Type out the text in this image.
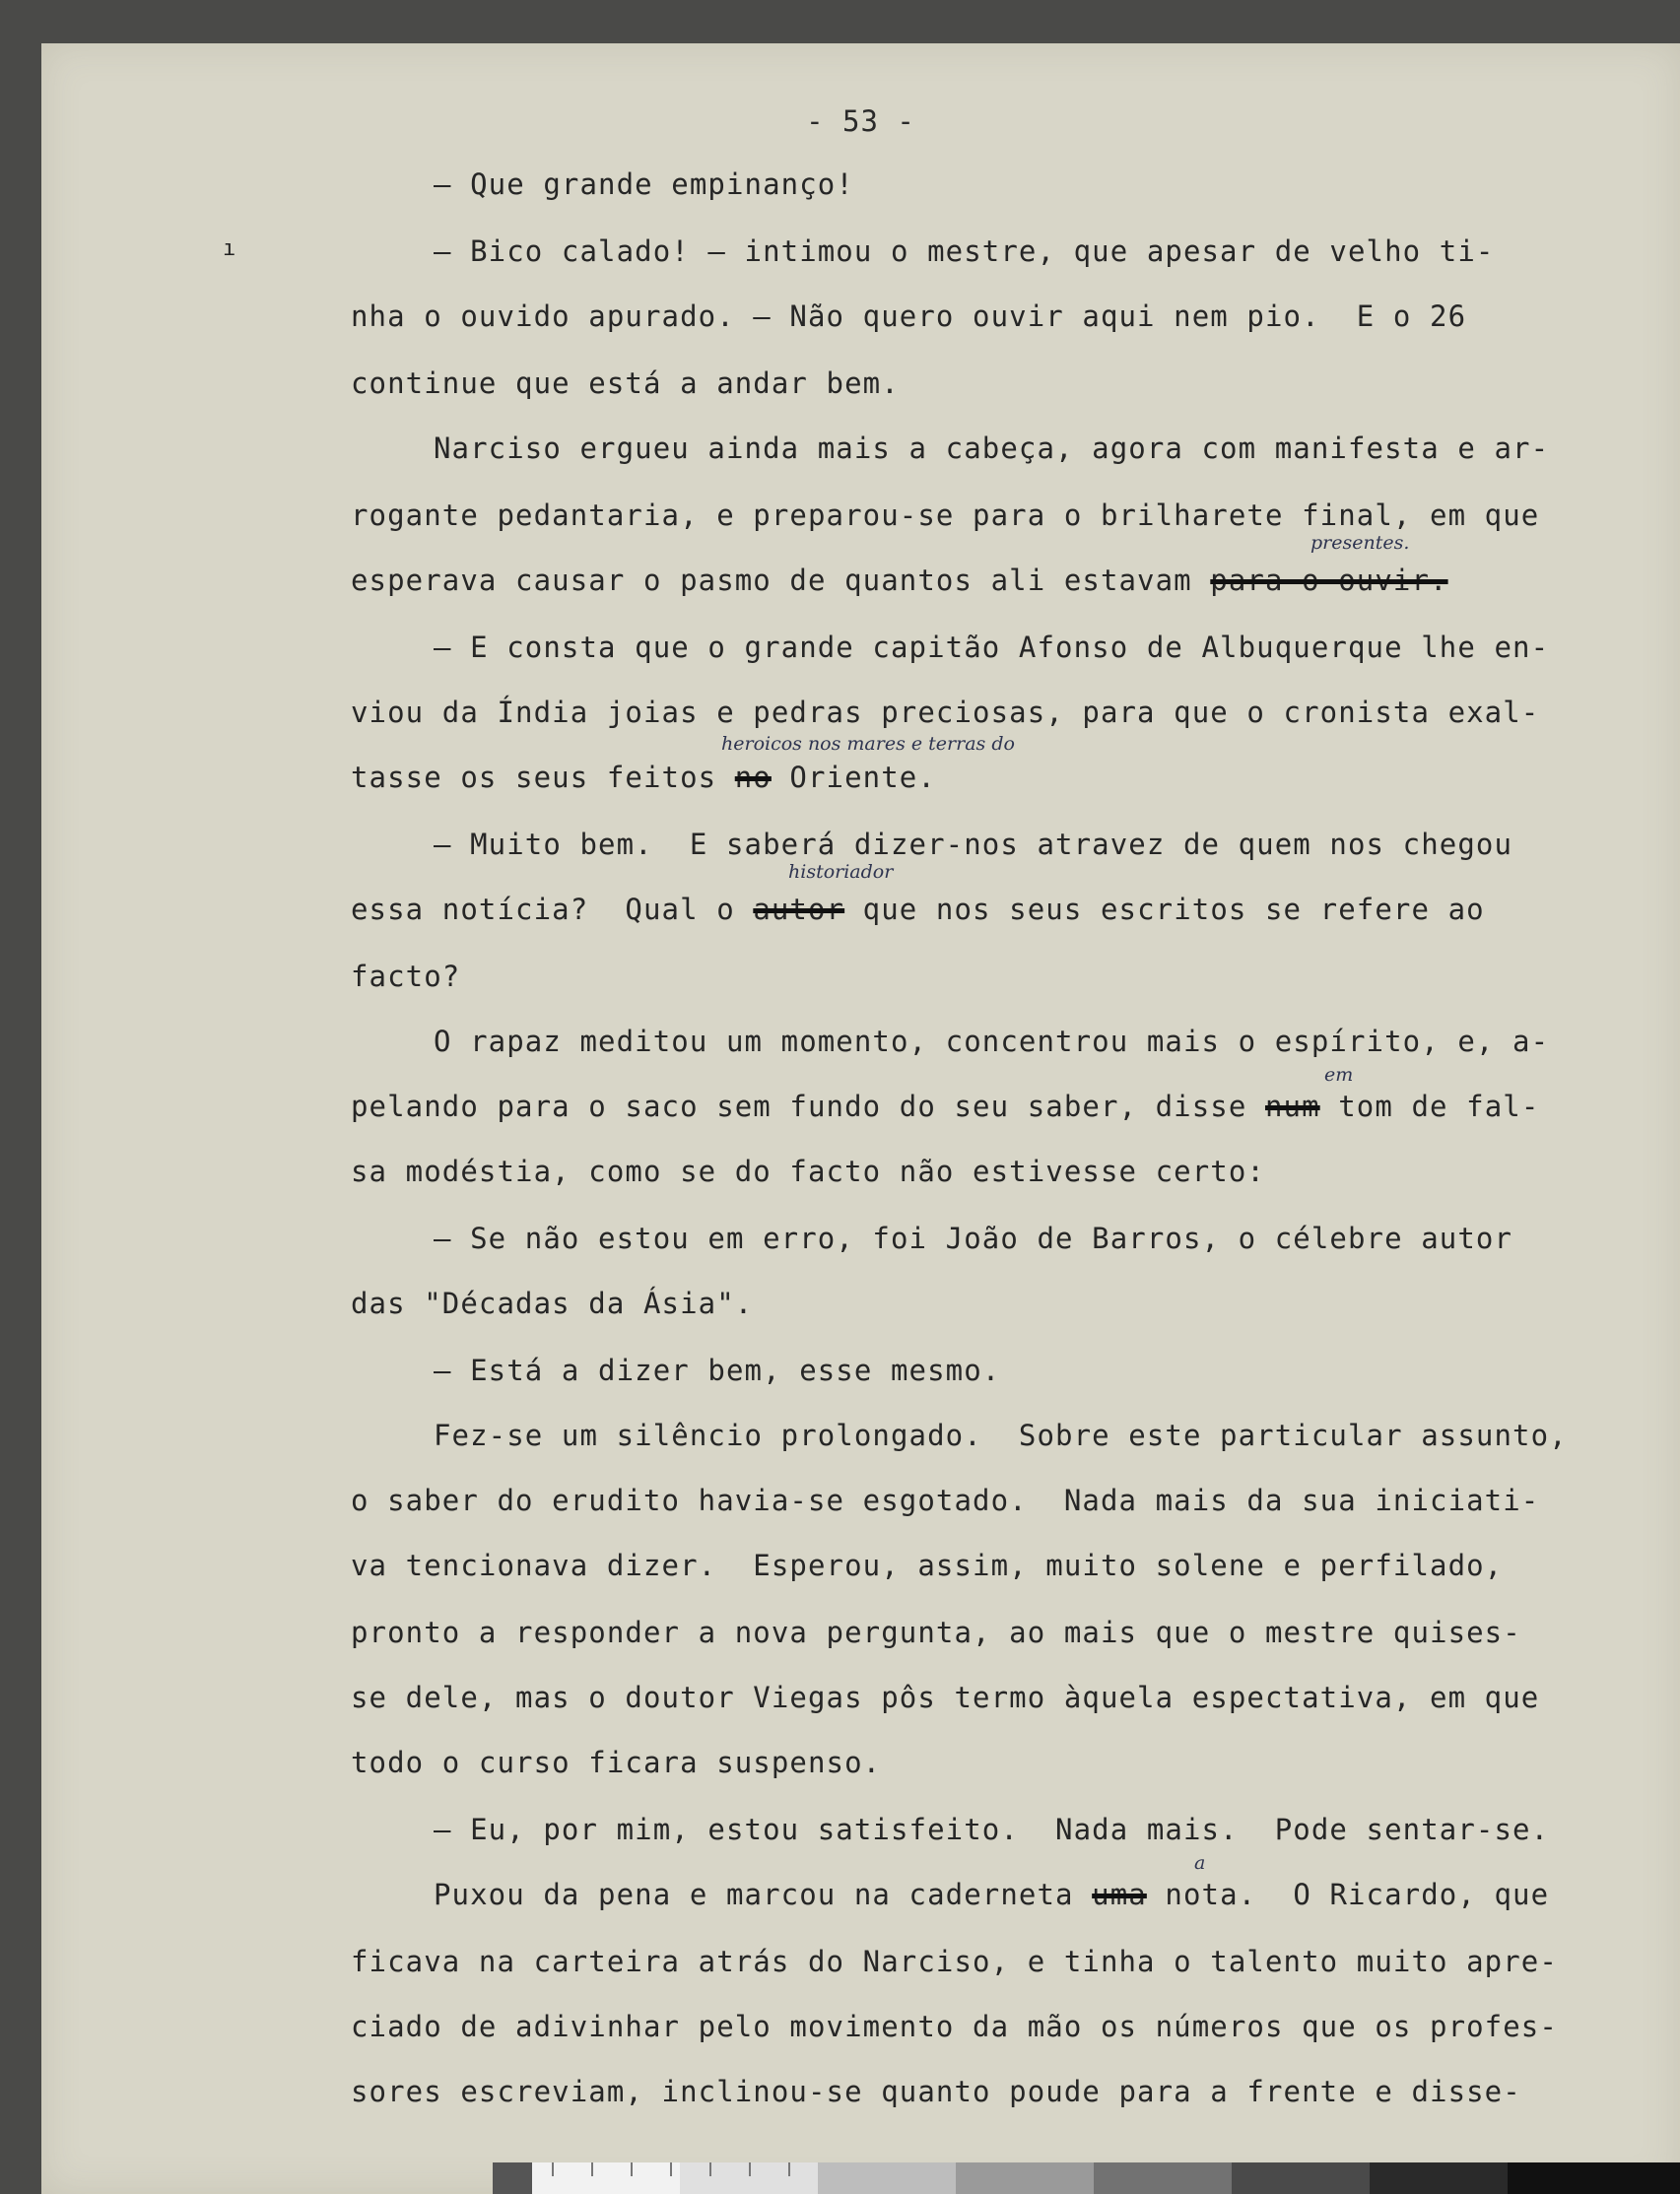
- 53 -
ı
— Que grande empinanço!
— Bico calado! — intimou o mestre, que apesar de velho ti-
nha o ouvido apurado. — Não quero ouvir aqui nem pio.  E o 26
continue que está a andar bem.
Narciso ergueu ainda mais a cabeça, agora com manifesta e ar-
rogante pedantaria, e preparou-se para o brilharete final, em que
esperava causar o pasmo de quantos ali estavam para o ouvir.
presentes.
— E consta que o grande capitão Afonso de Albuquerque lhe en-
viou da Índia joias e pedras preciosas, para que o cronista exal-
tasse os seus feitos no Oriente.
heroicos nos mares e terras do
— Muito bem.  E saberá dizer-nos atravez de quem nos chegou
essa notícia?  Qual o autor que nos seus escritos se refere ao
historiador
facto?
O rapaz meditou um momento, concentrou mais o espírito, e, a-
pelando para o saco sem fundo do seu saber, disse num tom de fal-
em
sa modéstia, como se do facto não estivesse certo:
— Se não estou em erro, foi João de Barros, o célebre autor
das "Décadas da Ásia".
— Está a dizer bem, esse mesmo.
Fez-se um silêncio prolongado.  Sobre este particular assunto,
o saber do erudito havia-se esgotado.  Nada mais da sua iniciati-
va tencionava dizer.  Esperou, assim, muito solene e perfilado,
pronto a responder a nova pergunta, ao mais que o mestre quises-
se dele, mas o doutor Viegas pôs termo àquela espectativa, em que
todo o curso ficara suspenso.
— Eu, por mim, estou satisfeito.  Nada mais.  Pode sentar-se.
Puxou da pena e marcou na caderneta uma nota.  O Ricardo, que
a
ficava na carteira atrás do Narciso, e tinha o talento muito apre-
ciado de adivinhar pelo movimento da mão os números que os profes-
sores escreviam, inclinou-se quanto poude para a frente e disse-
